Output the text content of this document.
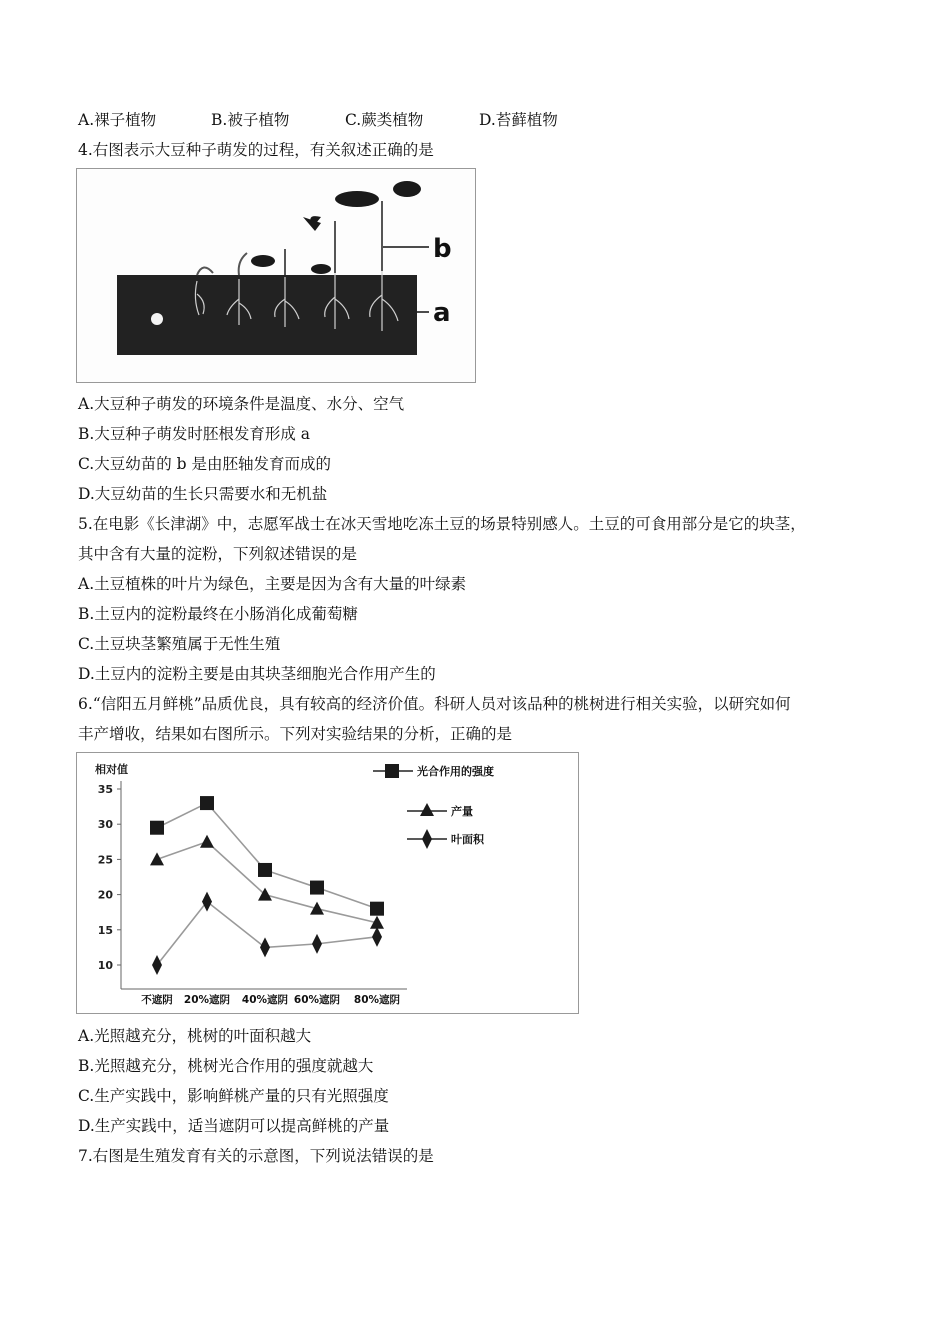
A.裸子植物	B.被子植物	C.蕨类植物	D.苔藓植物
4.右图表示大豆种子萌发的过程，有关叙述正确的是
b
a
A.大豆种子萌发的环境条件是温度、水分、空气
B.大豆种子萌发时胚根发育形成 a
C.大豆幼苗的 b 是由胚轴发育而成的
D.大豆幼苗的生长只需要水和无机盐
5.在电影《长津湖》中，志愿军战士在冰天雪地吃冻土豆的场景特别感人。土豆的可食用部分是它的块茎，
其中含有大量的淀粉，下列叙述错误的是
A.土豆植株的叶片为绿色，主要是因为含有大量的叶绿素
B.土豆内的淀粉最终在小肠消化成葡萄糖
C.土豆块茎繁殖属于无性生殖
D.土豆内的淀粉主要是由其块茎细胞光合作用产生的
6.“信阳五月鲜桃”品质优良，具有较高的经济价值。科研人员对该品种的桃树进行相关实验，以研究如何
丰产增收，结果如右图所示。下列对实验结果的分析，正确的是
相对值
10
15
20
25
30
35
不遮阴 20%遮阴 40%遮阴 60%遮阴 80%遮阴
光合作用的强度
产量
叶面积
A.光照越充分，桃树的叶面积越大
B.光照越充分，桃树光合作用的强度就越大
C.生产实践中，影响鲜桃产量的只有光照强度
D.生产实践中，适当遮阴可以提高鲜桃的产量
7.右图是生殖发育有关的示意图，下列说法错误的是
